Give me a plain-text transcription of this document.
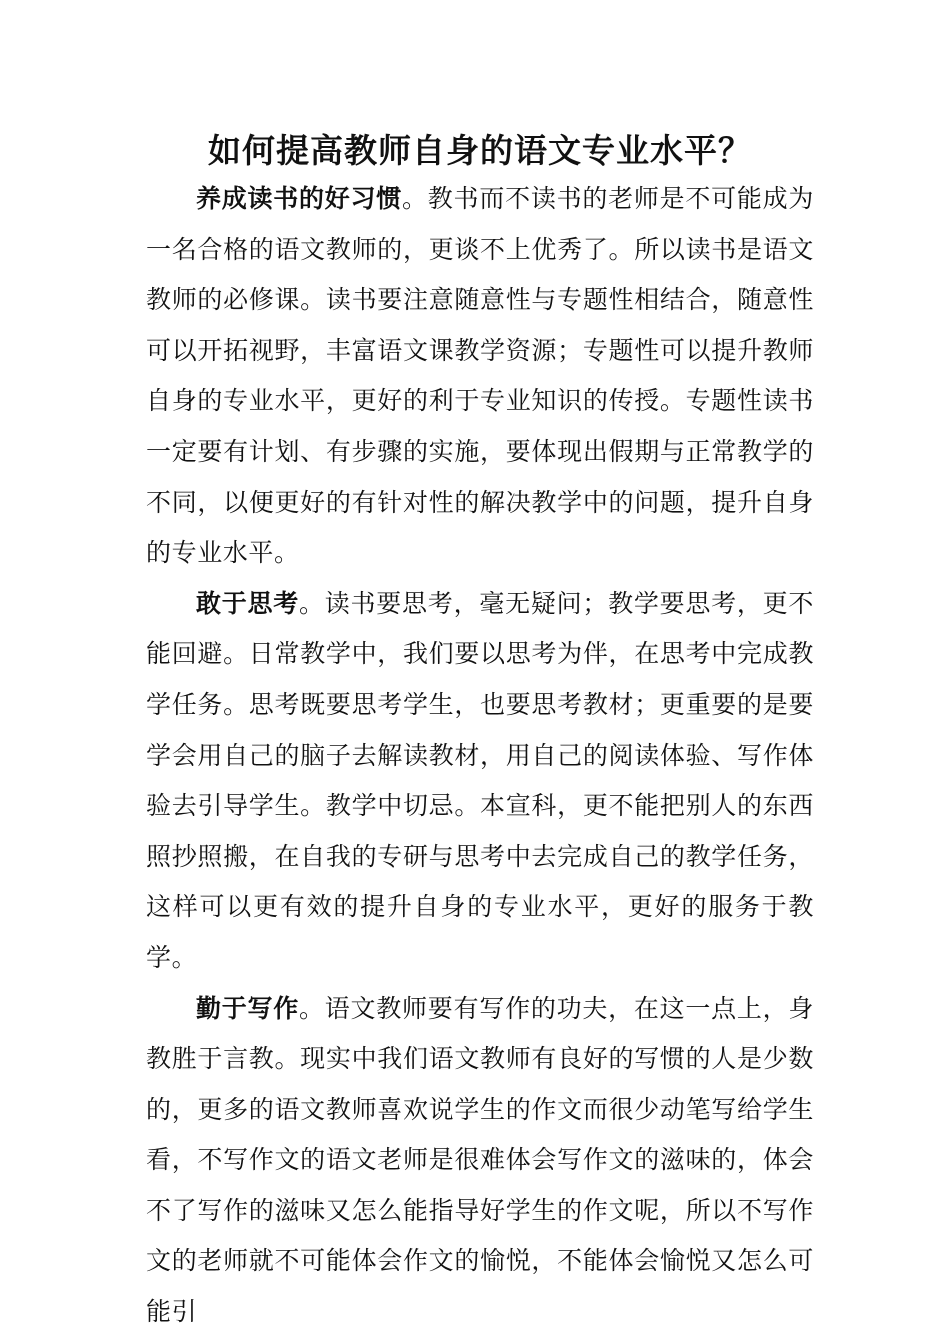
如何提高教师自身的语文专业水平？

养成读书的好习惯。教书而不读书的老师是不可能成为一名合格的语文教师的，更谈不上优秀了。所以读书是语文教师的必修课。读书要注意随意性与专题性相结合，随意性可以开拓视野，丰富语文课教学资源；专题性可以提升教师自身的专业水平，更好的利于专业知识的传授。专题性读书一定要有计划、有步骤的实施，要体现出假期与正常教学的不同，以便更好的有针对性的解决教学中的问题，提升自身的专业水平。

敢于思考。读书要思考，毫无疑问；教学要思考，更不能回避。日常教学中，我们要以思考为伴，在思考中完成教学任务。思考既要思考学生，也要思考教材；更重要的是要学会用自己的脑子去解读教材，用自己的阅读体验、写作体验去引导学生。教学中切忌。本宣科，更不能把别人的东西照抄照搬，在自我的专研与思考中去完成自己的教学任务，这样可以更有效的提升自身的专业水平，更好的服务于教学。

勤于写作。语文教师要有写作的功夫，在这一点上，身教胜于言教。现实中我们语文教师有良好的写惯的人是少数的，更多的语文教师喜欢说学生的作文而很少动笔写给学生看，不写作文的语文老师是很难体会写作文的滋味的，体会不了写作的滋味又怎么能指导好学生的作文呢，所以不写作文的老师就不可能体会作文的愉悦，不能体会愉悦又怎么可能引
